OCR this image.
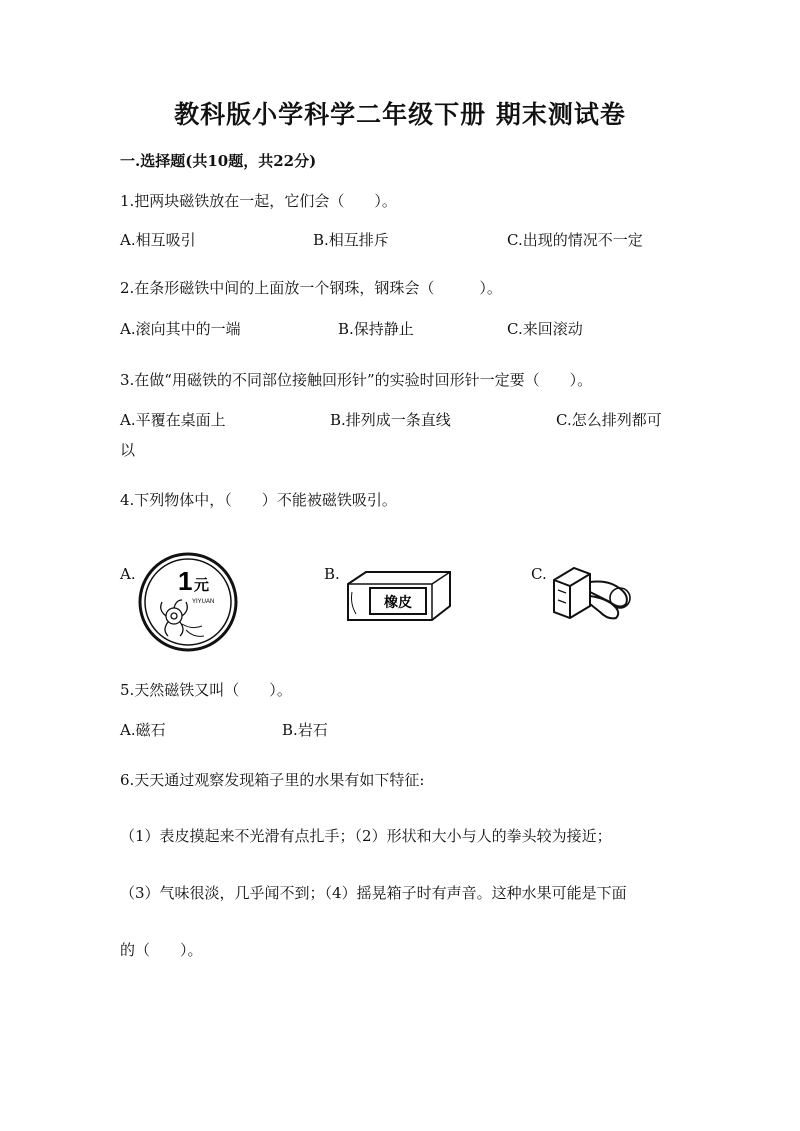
教科版小学科学二年级下册 期末测试卷
一.选择题(共10题，共22分)
1.把两块磁铁放在一起，它们会（　　）。
A.相互吸引	B.相互排斥	C.出现的情况不一定
2.在条形磁铁中间的上面放一个钢珠，钢珠会（　　　）。
A.滚向其中的一端	B.保持静止	C.来回滚动
3.在做“用磁铁的不同部位接触回形针”的实验时回形针一定要（　　）。
A.平覆在桌面上	B.排列成一条直线	C.怎么排列都可
以
4.下列物体中，（　　）不能被磁铁吸引。
A. 1 元
YIYUAN
B.
橡皮
C.
5.天然磁铁又叫（　　）。
A.磁石	B.岩石
6.天天通过观察发现箱子里的水果有如下特征:
（1）表皮摸起来不光滑有点扎手；（2）形状和大小与人的拳头较为接近；
（3）气味很淡，几乎闻不到；（4）摇晃箱子时有声音。这种水果可能是下面
的（　　）。
